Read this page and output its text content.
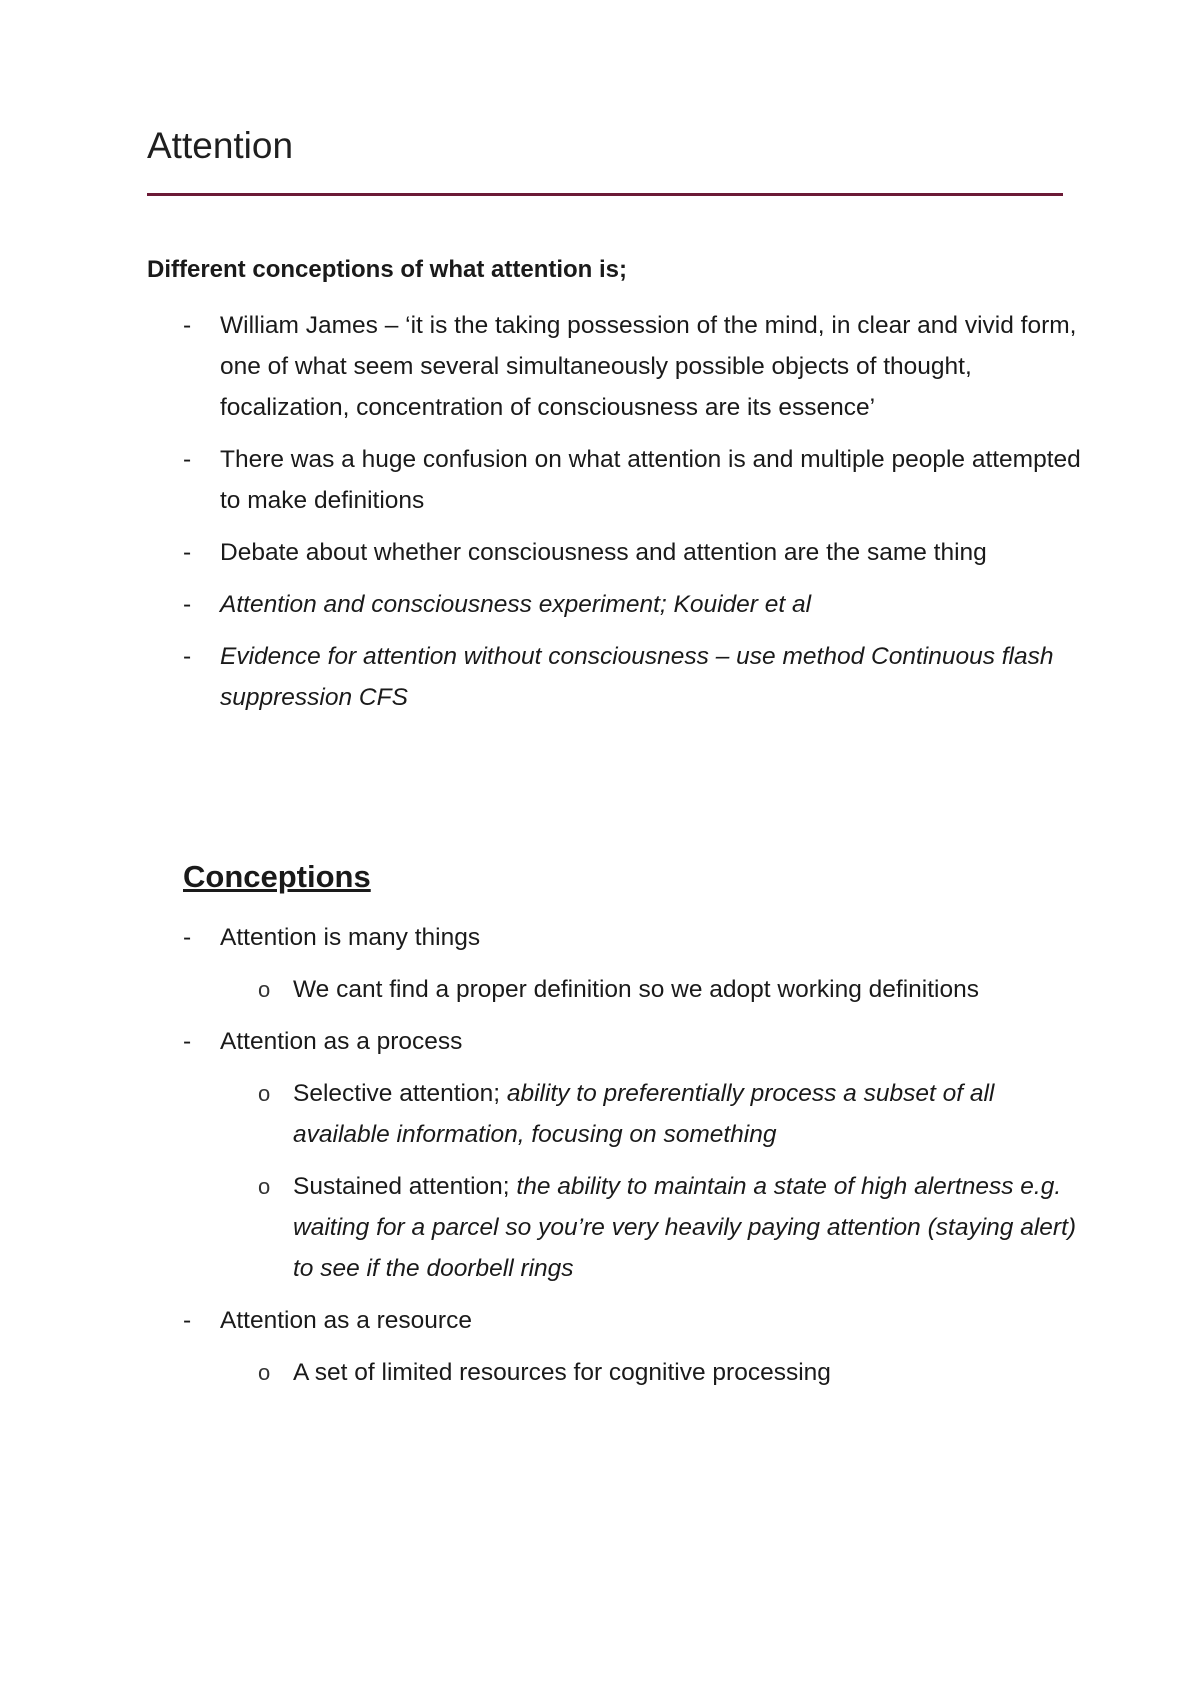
Attention
Different conceptions of what attention is;
- William James – ‘it is the taking possession of the mind, in clear and vivid form, one of what seem several simultaneously possible objects of thought, focalization, concentration of consciousness are its essence’
- There was a huge confusion on what attention is and multiple people attempted to make definitions
- Debate about whether consciousness and attention are the same thing
- Attention and consciousness experiment; Kouider et al
- Evidence for attention without consciousness – use method Continuous flash suppression CFS
Conceptions
- Attention is many things
o We cant find a proper definition so we adopt working definitions
- Attention as a process
o Selective attention; ability to preferentially process a subset of all available information, focusing on something
o Sustained attention; the ability to maintain a state of high alertness e.g. waiting for a parcel so you’re very heavily paying attention (staying alert) to see if the doorbell rings
- Attention as a resource
o A set of limited resources for cognitive processing
